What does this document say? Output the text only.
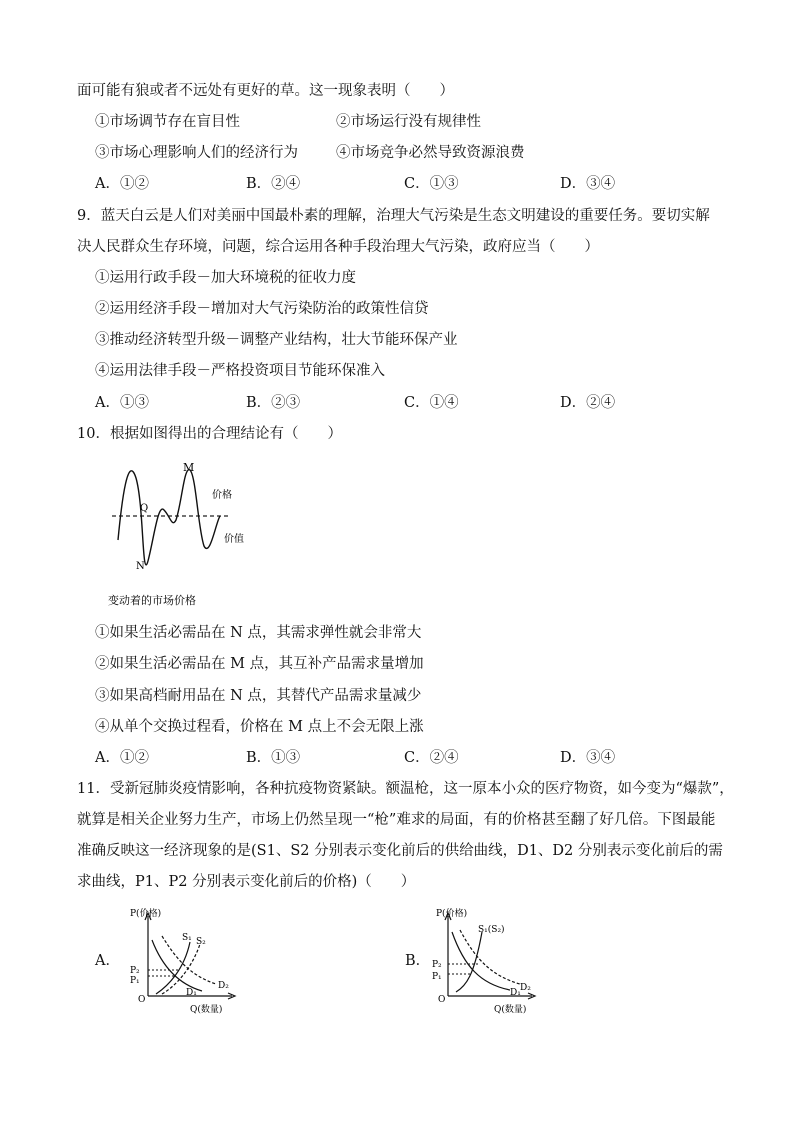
面可能有狼或者不远处有更好的草。这一现象表明（　　）
①市场调节存在盲目性	②市场运行没有规律性
③市场心理影响人们的经济行为	④市场竞争必然导致资源浪费
A．①②	B．②④	C．①③	D．③④
9．蓝天白云是人们对美丽中国最朴素的理解，治理大气污染是生态文明建设的重要任务。要切实解
决人民群众生存环境，问题，综合运用各种手段治理大气污染，政府应当（　　）
①运用行政手段－加大环境税的征收力度
②运用经济手段－增加对大气污染防治的政策性信贷
③推动经济转型升级－调整产业结构，壮大节能环保产业
④运用法律手段－严格投资项目节能环保准入
A．①③	B．②③	C．①④	D．②④
10．根据如图得出的合理结论有（　　）
M
Q
N
价格
价值
变动着的市场价格
①如果生活必需品在 N 点，其需求弹性就会非常大
②如果生活必需品在 M 点，其互补产品需求量增加
③如果高档耐用品在 N 点，其替代产品需求量减少
④从单个交换过程看，价格在 M 点上不会无限上涨
A．①②	B．①③	C．②④	D．③④
11．受新冠肺炎疫情影响，各种抗疫物资紧缺。额温枪，这一原本小众的医疗物资，如今变为“爆款”，
就算是相关企业努力生产，市场上仍然呈现一“枪”难求的局面，有的价格甚至翻了好几倍。下图最能
准确反映这一经济现象的是(S1、S2 分别表示变化前后的供给曲线，D1、D2 分别表示变化前后的需
求曲线，P1、P2 分别表示变化前后的价格)（　　）
A．
P(价格)
Q(数量)
O
S₁ S₂
D₁
D₂
P₂
P₁
B．
P(价格)
Q(数量)
O
S₁(S₂)
D₁ D₂
P₂
P₁
